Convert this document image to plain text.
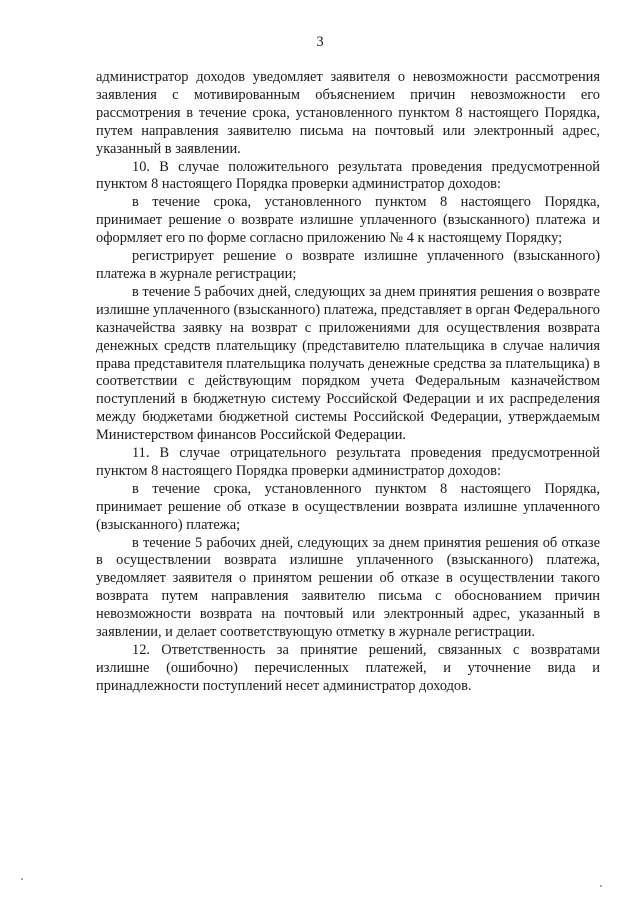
3

администратор доходов уведомляет заявителя о невозможности рассмотрения заявления с мотивированным объяснением причин невозможности его рассмотрения в течение срока, установленного пунктом 8 настоящего Порядка, путем направления заявителю письма на почтовый или электронный адрес, указанный в заявлении.

10. В случае положительного результата проведения предусмотренной пунктом 8 настоящего Порядка проверки администратор доходов:

в течение срока, установленного пунктом 8 настоящего Порядка, принимает решение о возврате излишне уплаченного (взысканного) платежа и оформляет его по форме согласно приложению № 4 к настоящему Порядку;

регистрирует решение о возврате излишне уплаченного (взысканного) платежа в журнале регистрации;

в течение 5 рабочих дней, следующих за днем принятия решения о возврате излишне уплаченного (взысканного) платежа, представляет в орган Федерального казначейства заявку на возврат с приложениями для осуществления возврата денежных средств плательщику (представителю плательщика в случае наличия права представителя плательщика получать денежные средства за плательщика) в соответствии с действующим порядком учета Федеральным казначейством поступлений в бюджетную систему Российской Федерации и их распределения между бюджетами бюджетной системы Российской Федерации, утверждаемым Министерством финансов Российской Федерации.

11. В случае отрицательного результата проведения предусмотренной пунктом 8 настоящего Порядка проверки администратор доходов:

в течение срока, установленного пунктом 8 настоящего Порядка, принимает решение об отказе в осуществлении возврата излишне уплаченного (взысканного) платежа;

в течение 5 рабочих дней, следующих за днем принятия решения об отказе в осуществлении возврата излишне уплаченного (взысканного) платежа, уведомляет заявителя о принятом решении об отказе в осуществлении такого возврата путем направления заявителю письма с обоснованием причин невозможности возврата на почтовый или электронный адрес, указанный в заявлении, и делает соответствующую отметку в журнале регистрации.

12. Ответственность за принятие решений, связанных с возвратами излишне (ошибочно) перечисленных платежей, и уточнение вида и принадлежности поступлений несет администратор доходов.
